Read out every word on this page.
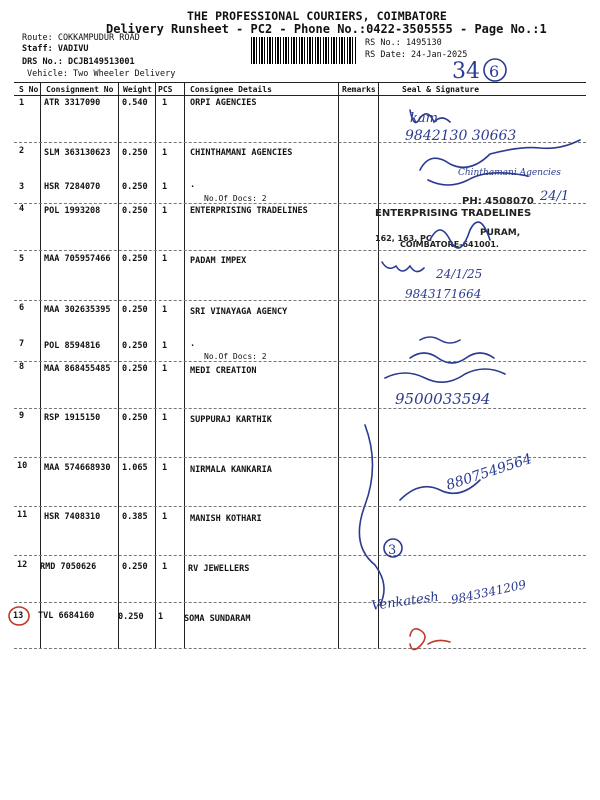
THE PROFESSIONAL COURIERS, COIMBATORE
Delivery Runsheet - PC2 - Phone No.:0422-3505555 - Page No.:1
Route: COKKAMPUDUR ROAD
Staff: VADIVU
DRS No.: DCJB149513001
Vehicle: Two Wheeler Delivery
RS No.: 1495130
RS Date: 24-Jan-2025
S No Consignment No Weight PCS Consignee Details	Remarks	Seal & Signature
1 ATR 3317090	0.540 1	ORPI AGENCIES
2 SLM 363130623 0.250 1	CHINTHAMANI AGENCIES
3 HSR 7284070	0.250 1	.
No.Of Docs: 2
4 POL 1993208	0.250 1	ENTERPRISING TRADELINES
5 MAA 705957466 0.250 1	PADAM IMPEX
6 MAA 302635395 0.250 1	SRI VINAYAGA AGENCY
7 POL 8594816	0.250 1	.
No.Of Docs: 2
8 MAA 868455485 0.250 1	MEDI CREATION
9 RSP 1915150	0.250 1	SUPPURAJ KARTHIK
10 MAA 574668930 1.065 1	NIRMALA KANKARIA
11 HSR 7408310	0.385 1	MANISH KOTHARI
12 RMD 7050626	0.250 1 RV JEWELLERS
13 TVL 6684160	0.250 1 SOMA SUNDARAM
PH: 4508070
ENTERPRISING TRADELINES
162, 163, PC
PURAM,
COIMBATORE-641001.
34 6
kam
9842130 30663
Chinthamani Agencies
24/1
24/1/25
9843171664
9500033594
3
8807549564
Venkatesh 9843341209
